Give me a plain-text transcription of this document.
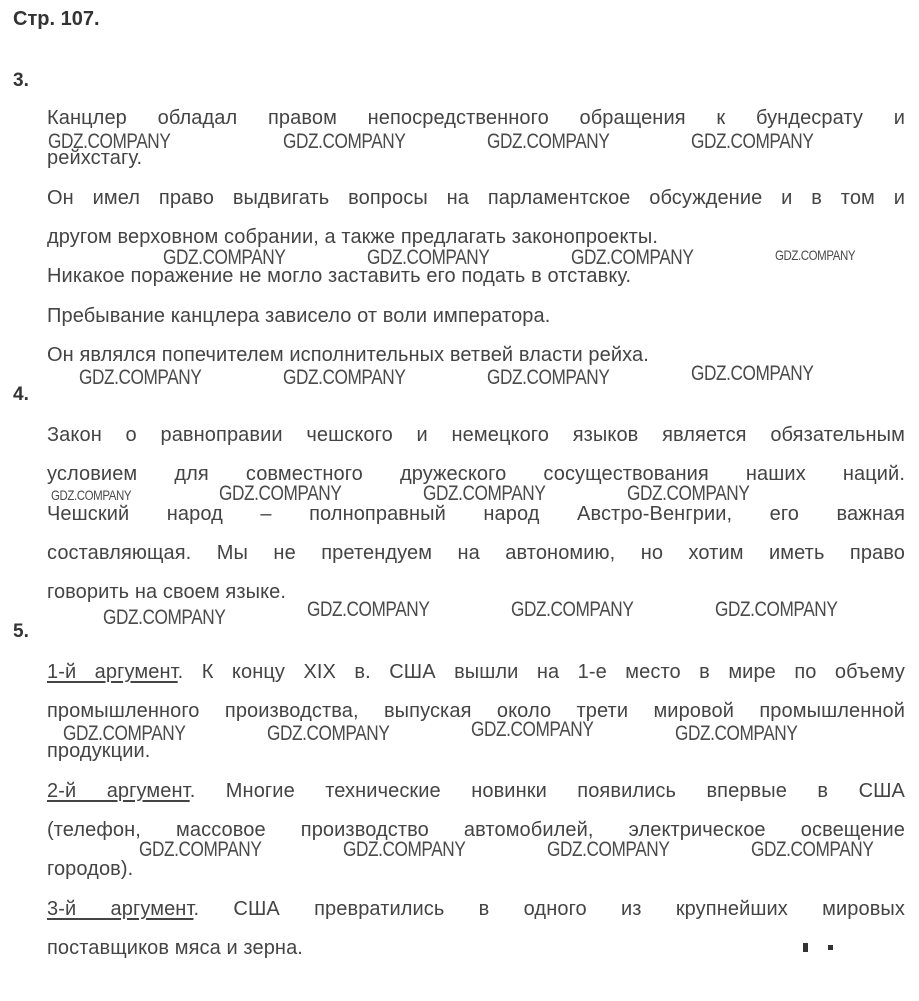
Стр. 107.
3.
Канцлер обладал правом непосредственного обращения к бундесрату и
рейхстагу.
Он имел право выдвигать вопросы на парламентское обсуждение и в том и
другом верховном собрании, а также предлагать законопроекты.
Никакое поражение не могло заставить его подать в отставку.
Пребывание канцлера зависело от воли императора.
Он являлся попечителем исполнительных ветвей власти рейха.
4.
Закон о равноправии чешского и немецкого языков является обязательным
условием для совместного дружеского сосуществования наших наций.
Чешский народ – полноправный народ Австро-Венгрии, его важная
составляющая. Мы не претендуем на автономию, но хотим иметь право
говорить на своем языке.
5.
1-й аргумент. К концу XIX в. США вышли на 1-е место в мире по объему
промышленного производства, выпуская около трети мировой промышленной
продукции.
2-й аргумент. Многие технические новинки появились впервые в США
(телефон, массовое производство автомобилей, электрическое освещение
городов).
3-й аргумент. США превратились в одного из крупнейших мировых
поставщиков мяса и зерна.
GDZ.COMPANY	GDZ.COMPANY	GDZ.COMPANY	GDZ.COMPANY
GDZ.COMPANY	GDZ.COMPANY	GDZ.COMPANY	GDZ.COMPANY
GDZ.COMPANY	GDZ.COMPANY	GDZ.COMPANY	GDZ.COMPANY
GDZ.COMPANY	GDZ.COMPANY	GDZ.COMPANY	GDZ.COMPANY
GDZ.COMPANY	GDZ.COMPANY	GDZ.COMPANY	GDZ.COMPANY
GDZ.COMPANY	GDZ.COMPANY	GDZ.COMPANY	GDZ.COMPANY
GDZ.COMPANY	GDZ.COMPANY	GDZ.COMPANY	GDZ.COMPANY
